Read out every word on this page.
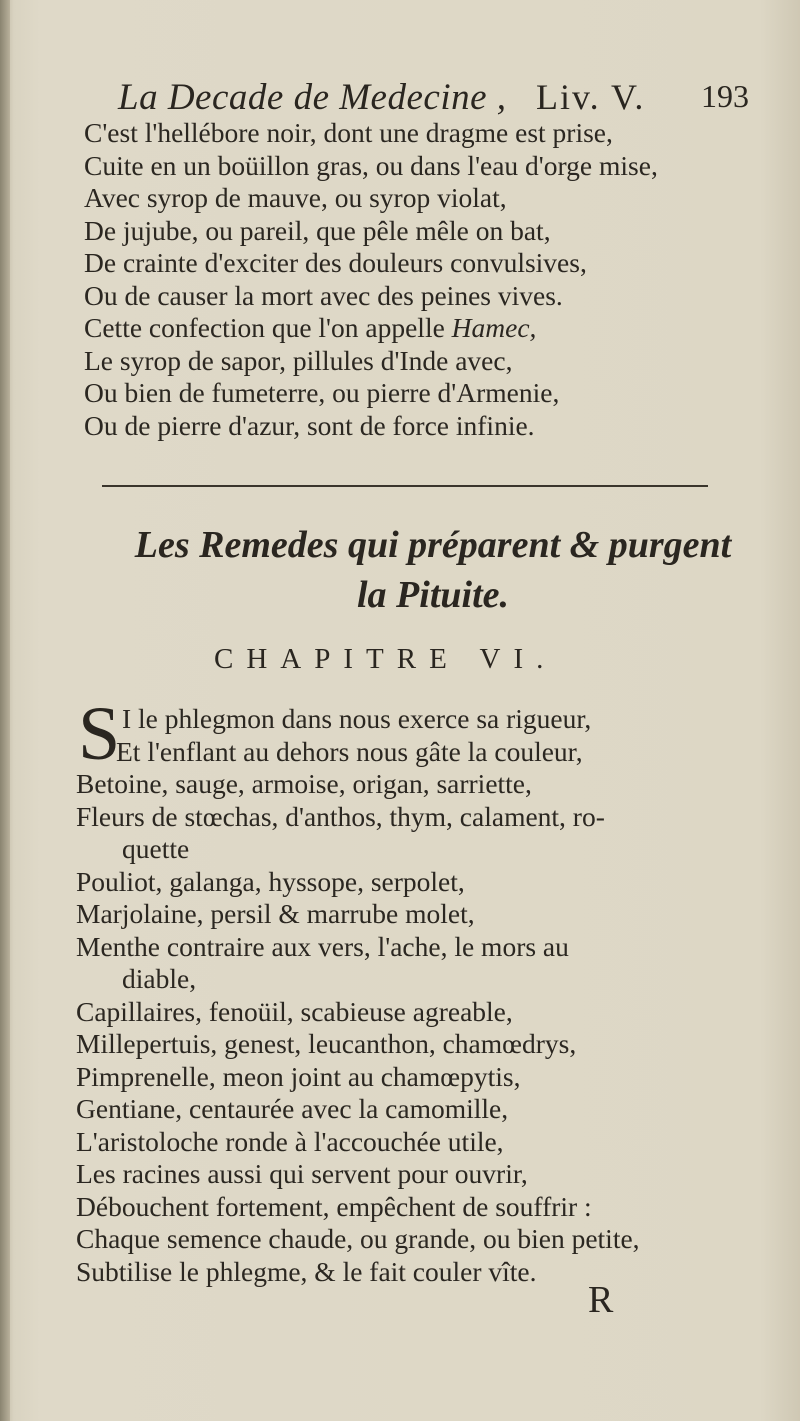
La Decade de Medecine , Liv. V. 193
C'est l'hellébore noir, dont une dragme est prise,
Cuite en un boüillon gras, ou dans l'eau d'orge mise,
Avec syrop de mauve, ou syrop violat,
De jujube, ou pareil, que pêle mêle on bat,
De crainte d'exciter des douleurs convulsives,
Ou de causer la mort avec des peines vives.
Cette confection que l'on appelle Hamec,
Le syrop de sapor, pillules d'Inde avec,
Ou bien de fumeterre, ou pierre d'Armenie,
Ou de pierre d'azur, sont de force infinie.
Les Remedes qui préparent & purgent
la Pituite.
CHAPITRE VI.
S I le phlegmon dans nous exerce sa rigueur,
Et l'enflant au dehors nous gâte la couleur,
Betoine, sauge, armoise, origan, sarriette,
Fleurs de stœchas, d'anthos, thym, calament, ro-
quette
Pouliot, galanga, hyssope, serpolet,
Marjolaine, persil & marrube molet,
Menthe contraire aux vers, l'ache, le mors au
diable,
Capillaires, fenoüil, scabieuse agreable,
Millepertuis, genest, leucanthon, chamœdrys,
Pimprenelle, meon joint au chamœpytis,
Gentiane, centaurée avec la camomille,
L'aristoloche ronde à l'accouchée utile,
Les racines aussi qui servent pour ouvrir,
Débouchent fortement, empêchent de souffrir :
Chaque semence chaude, ou grande, ou bien petite,
Subtilise le phlegme, & le fait couler vîte.
R
